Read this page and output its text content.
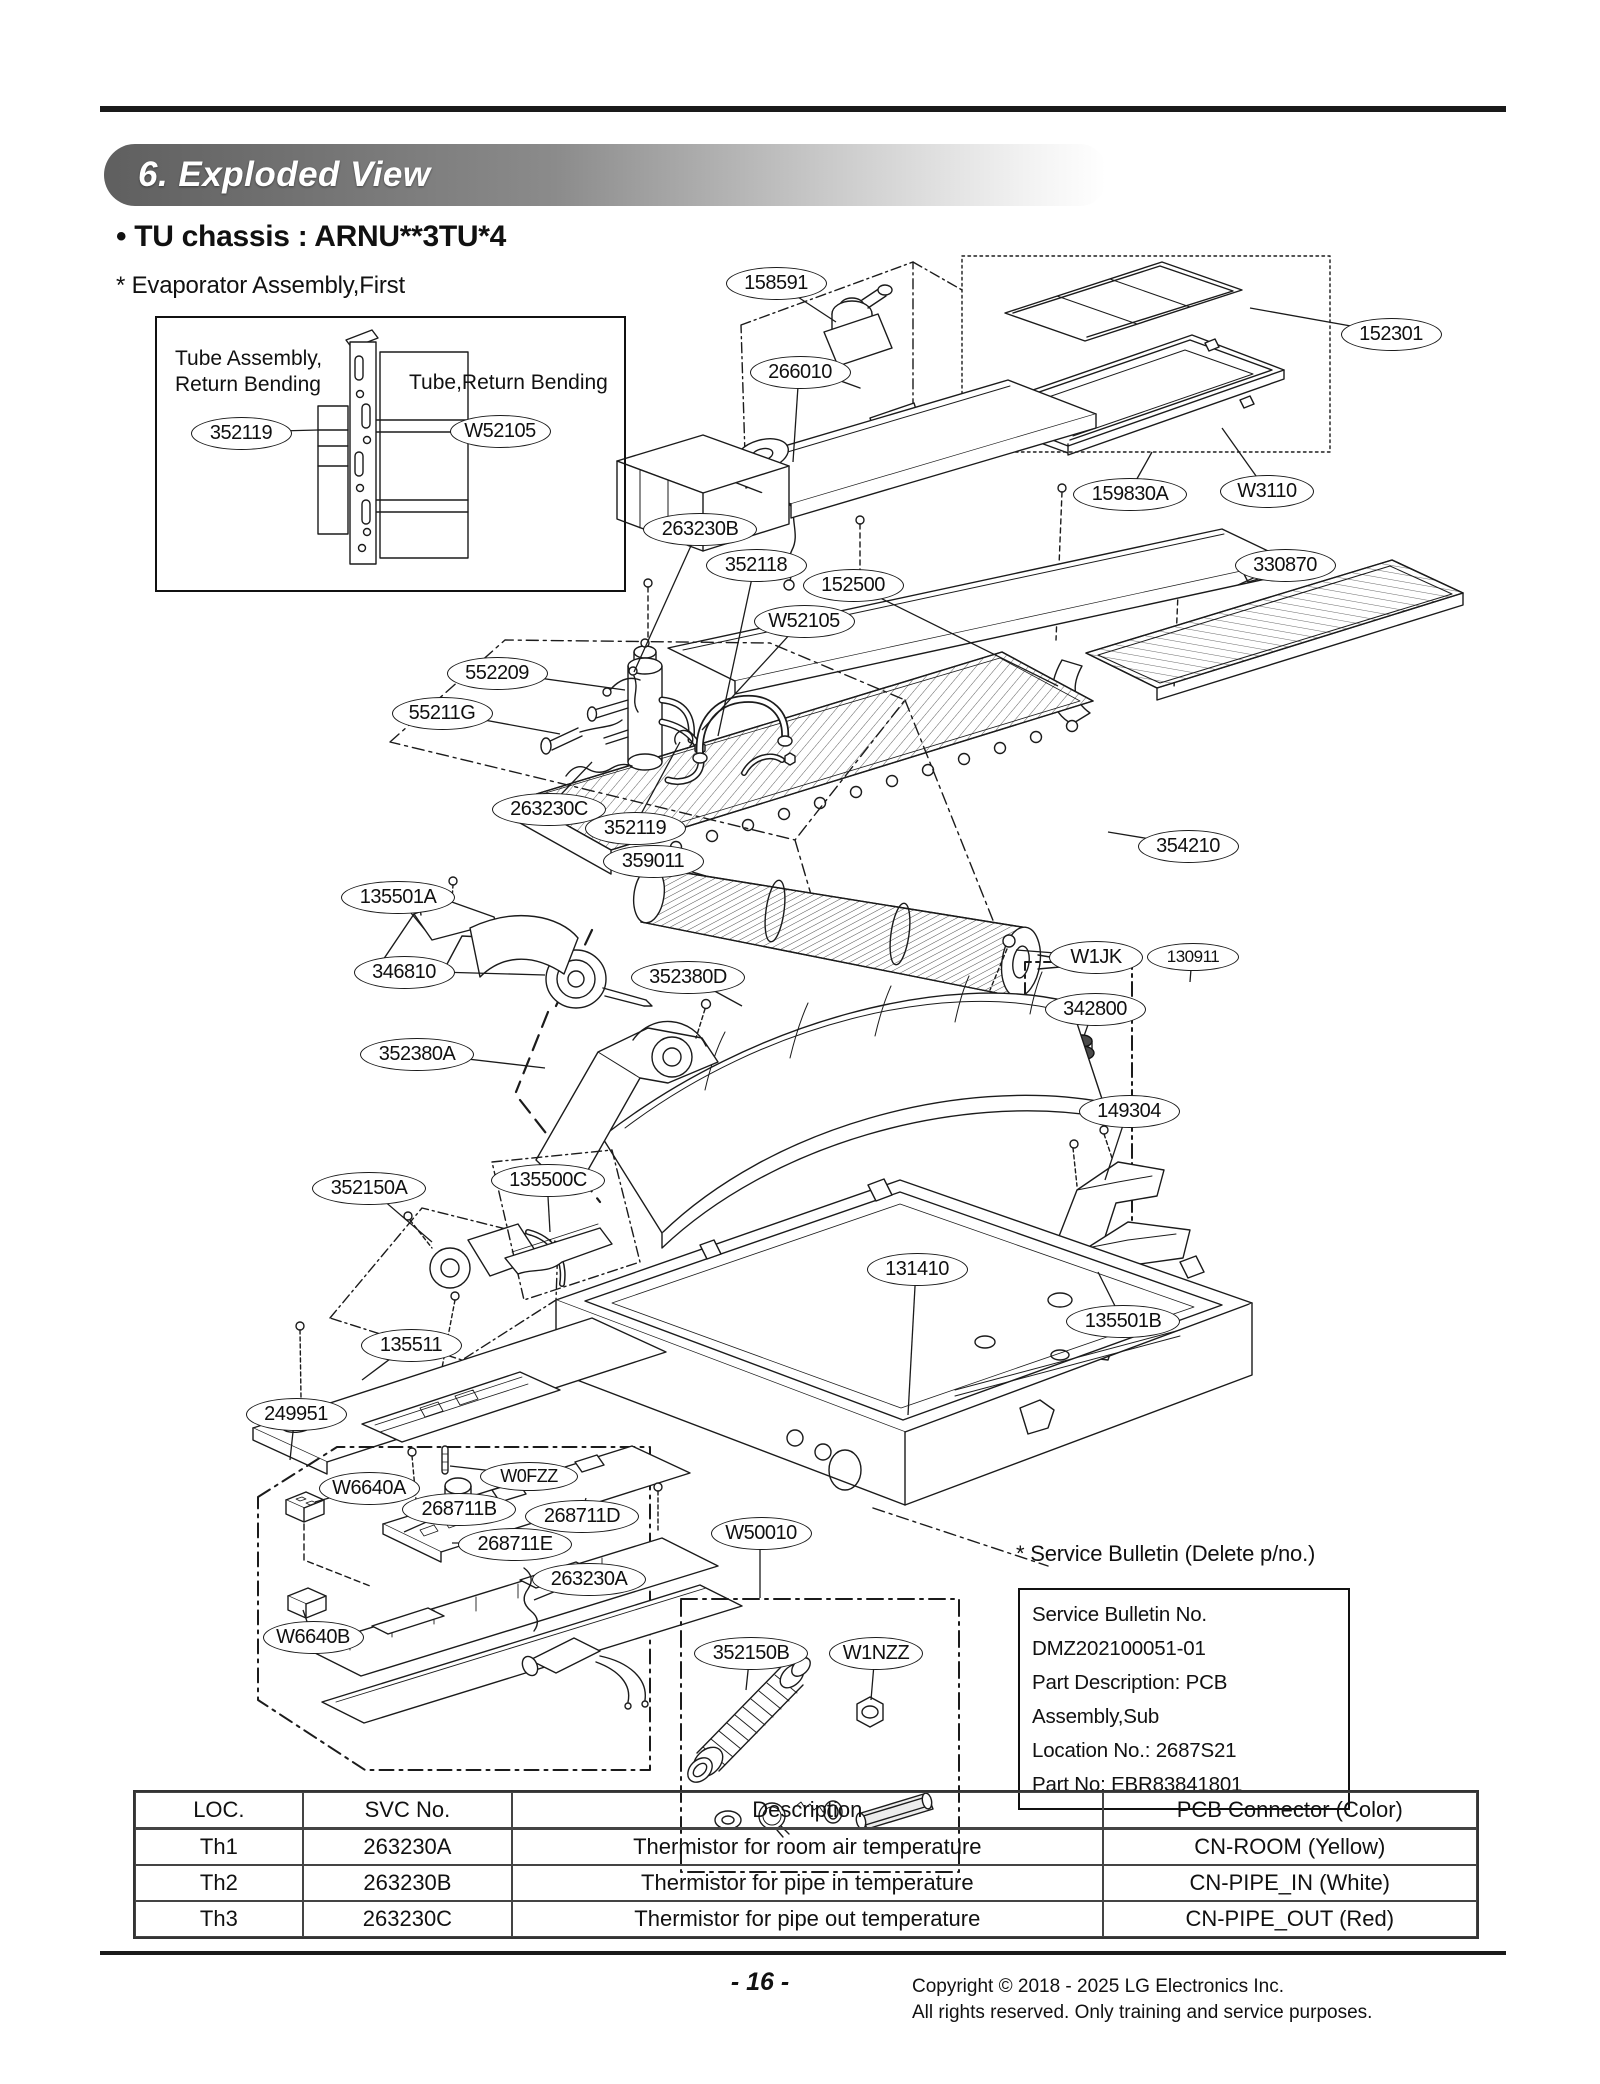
6. Exploded View
• TU chassis : ARNU**3TU*4
* Evaporator Assembly,First
Tube Assembly,
Return Bending	Tube,Return Bending
* Service Bulletin (Delete p/no.)
Service Bulletin No. DMZ202100051-01
Part Description: PCB Assembly,Sub
Location No.: 2687S21
Part No: EBR83841801
LOC.	SVC No.	Description	PCB Connector (Color)
Th1	263230A	Thermistor for room air temperature	CN-ROOM (Yellow)
Th2	263230B	Thermistor for pipe in temperature	CN-PIPE_IN (White)
Th3	263230C	Thermistor for pipe out temperature	CN-PIPE_OUT (Red)
- 16 -	Copyright © 2018 - 2025 LG Electronics Inc.
All rights reserved. Only training and service purposes.
352119	W52105
158591
266010
152301
159830A	W3110
263230B
352118
152500
W52105
330870
552209
55211G
263230C
352119
359011
354210
135501A
346810
W1JK	130911
342800
352380D
352380A
149304
352150A	135500C
131410
135501B
135511
249951
W6640A
W0FZZ
268711B	268711D
268711E
263230A
W6640B
W50010
352150B	W1NZZ
